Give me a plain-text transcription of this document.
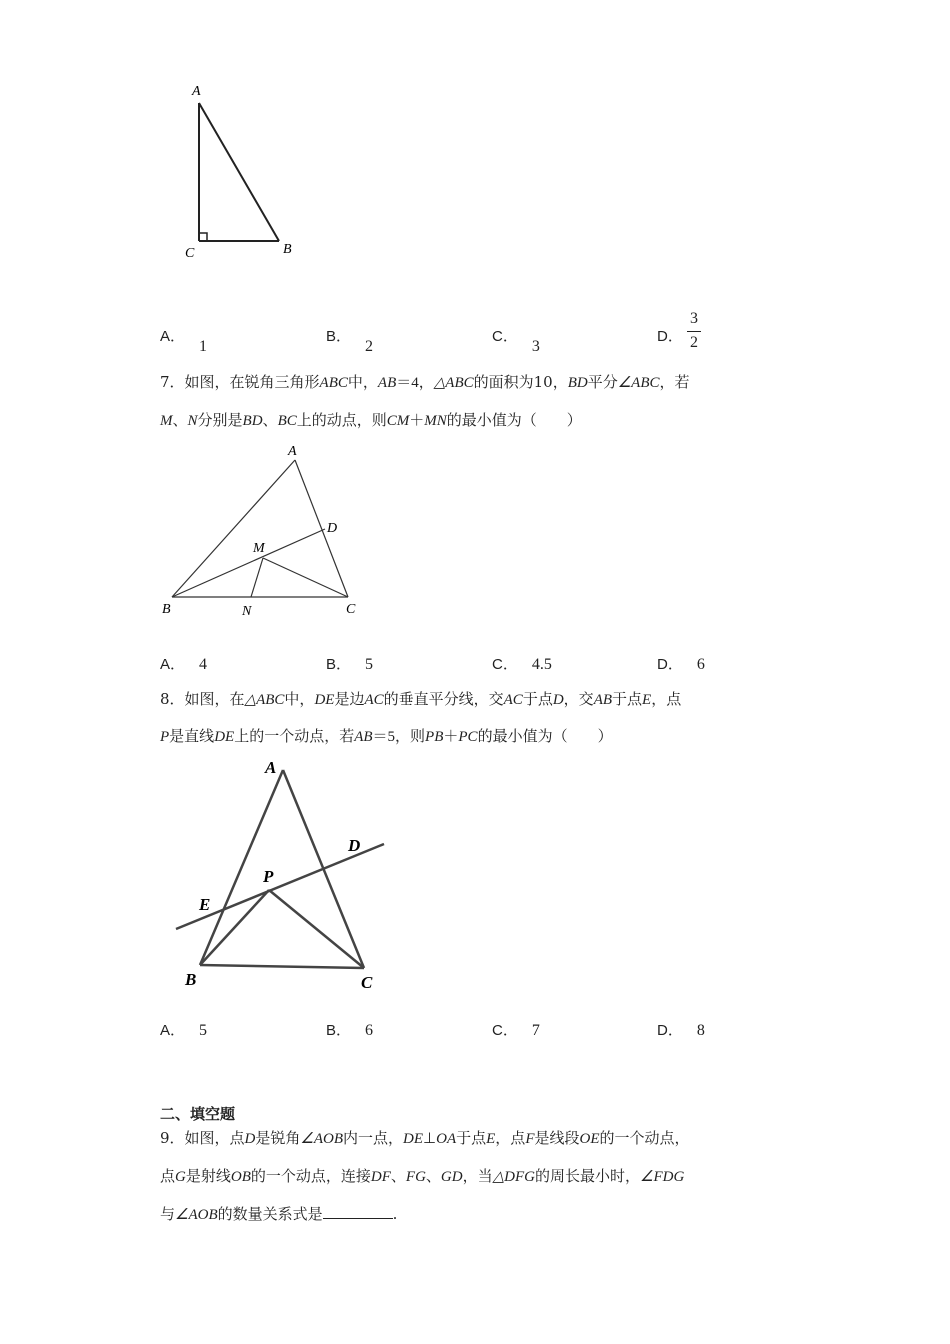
A
C	B
A．1
B．2
C．3
D．
3
2
7．如图，在锐角三角形ABC中，AB＝4，△ABC的面积为10，BD平分∠ABC，若
M、N分别是BD、BC上的动点，则CM＋MN的最小值为（　　）
A
B	C
D
M
N
A． 4	B． 5	C． 4.5	D． 6
8．如图，在△ABC中，DE是边AC的垂直平分线，交AC于点D，交AB于点E，点
P是直线DE上的一个动点，若AB＝5，则PB＋PC的最小值为（　　）
A
D
P
E
B	C
A． 5	B． 6	C． 7	D． 8
二、填空题
9．如图，点D是锐角∠AOB内一点，DE⊥OA于点E，点F是线段OE的一个动点，
点G是射线OB的一个动点，连接DF、FG、GD，当△DFG的周长最小时，∠FDG
与∠AOB的数量关系式是	.
